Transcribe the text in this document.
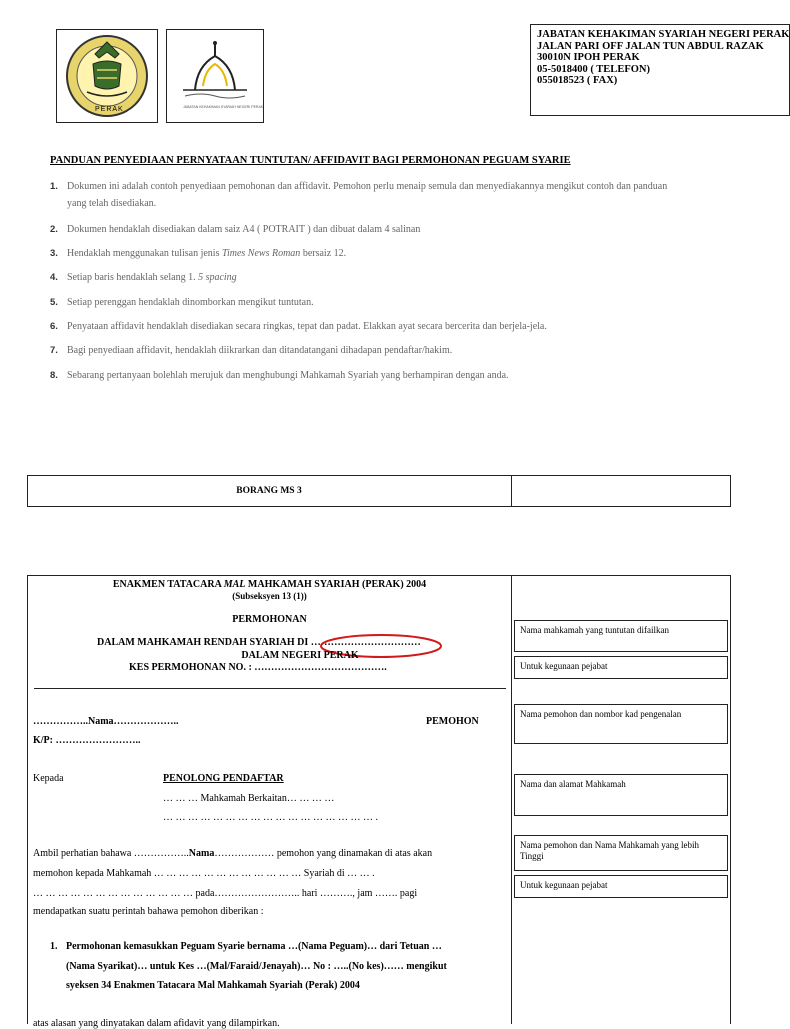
PERAK	JABATAN KEHAKIMAN SYARIAH NEGERI PERAK
JABATAN KEHAKIMAN SYARIAH NEGERI PERAK
JALAN PARI OFF JALAN TUN ABDUL RAZAK
30010N IPOH PERAK
05-5018400 ( TELEFON)
055018523 ( FAX)
PANDUAN PENYEDIAAN PERNYATAAN TUNTUTAN/ AFFIDAVIT BAGI PERMOHONAN PEGUAM SYARIE
1. Dokumen ini adalah contoh penyediaan pemohonan dan affidavit. Pemohon perlu menaip semula dan menyediakannya mengikut contoh dan panduan
yang telah disediakan.
2. Dokumen hendaklah disediakan dalam saiz A4 ( POTRAIT ) dan dibuat dalam 4 salinan
3. Hendaklah menggunakan tulisan jenis Times News Roman bersaiz 12.
4. Setiap baris hendaklah selang 1. 5 spacing
5. Setiap perenggan hendaklah dinomborkan mengikut tuntutan.
6. Penyataan affidavit hendaklah disediakan secara ringkas, tepat dan padat. Elakkan ayat secara bercerita dan berjela-jela.
7. Bagi penyediaan affidavit, hendaklah diikrarkan dan ditandatangani dihadapan pendaftar/hakim.
8. Sebarang pertanyaan bolehlah merujuk dan menghubungi Mahkamah Syariah yang berhampiran dengan anda.
BORANG MS 3
ENAKMEN TATACARA MAL MAHKAMAH SYARIAH (PERAK) 2004
(Subseksyen 13 (1))
PERMOHONAN
DALAM MAHKAMAH RENDAH SYARIAH DI ……………………………
DALAM NEGERI PERAK
KES PERMOHONAN NO. : ………………………………….
……………..Nama………………..	PEMOHON
K/P: ……………………..
Kepada	PENOLONG PENDAFTAR
… … … Mahkamah Berkaitan… … … …
… … … … … … … … … … … … … … … … … .
Ambil perhatian bahawa ……………..Nama……………… pemohon yang dinamakan di atas akan
memohon kepada Mahkamah … … … … … … … … … … … … Syariah di … … .
… … … … … … … … … … … … … pada…………………….. hari ………., jam ……. pagi
mendapatkan suatu perintah bahawa pemohon diberikan :
1. Permohonan kemasukkan Peguam Syarie bernama …(Nama Peguam)… dari Tetuan …
(Nama Syarikat)… untuk Kes …(Mal/Faraid/Jenayah)… No : …..(No kes)…… mengikut
syeksen 34 Enakmen Tatacara Mal Mahkamah Syariah (Perak) 2004
atas alasan yang dinyatakan dalam afidavit yang dilampirkan.
Nama mahkamah yang tuntutan difailkan
Untuk kegunaan pejabat
Nama pemohon dan nombor kad pengenalan
Nama dan alamat Mahkamah
Nama pemohon dan Nama Mahkamah yang lebih Tinggi
Untuk kegunaan pejabat
